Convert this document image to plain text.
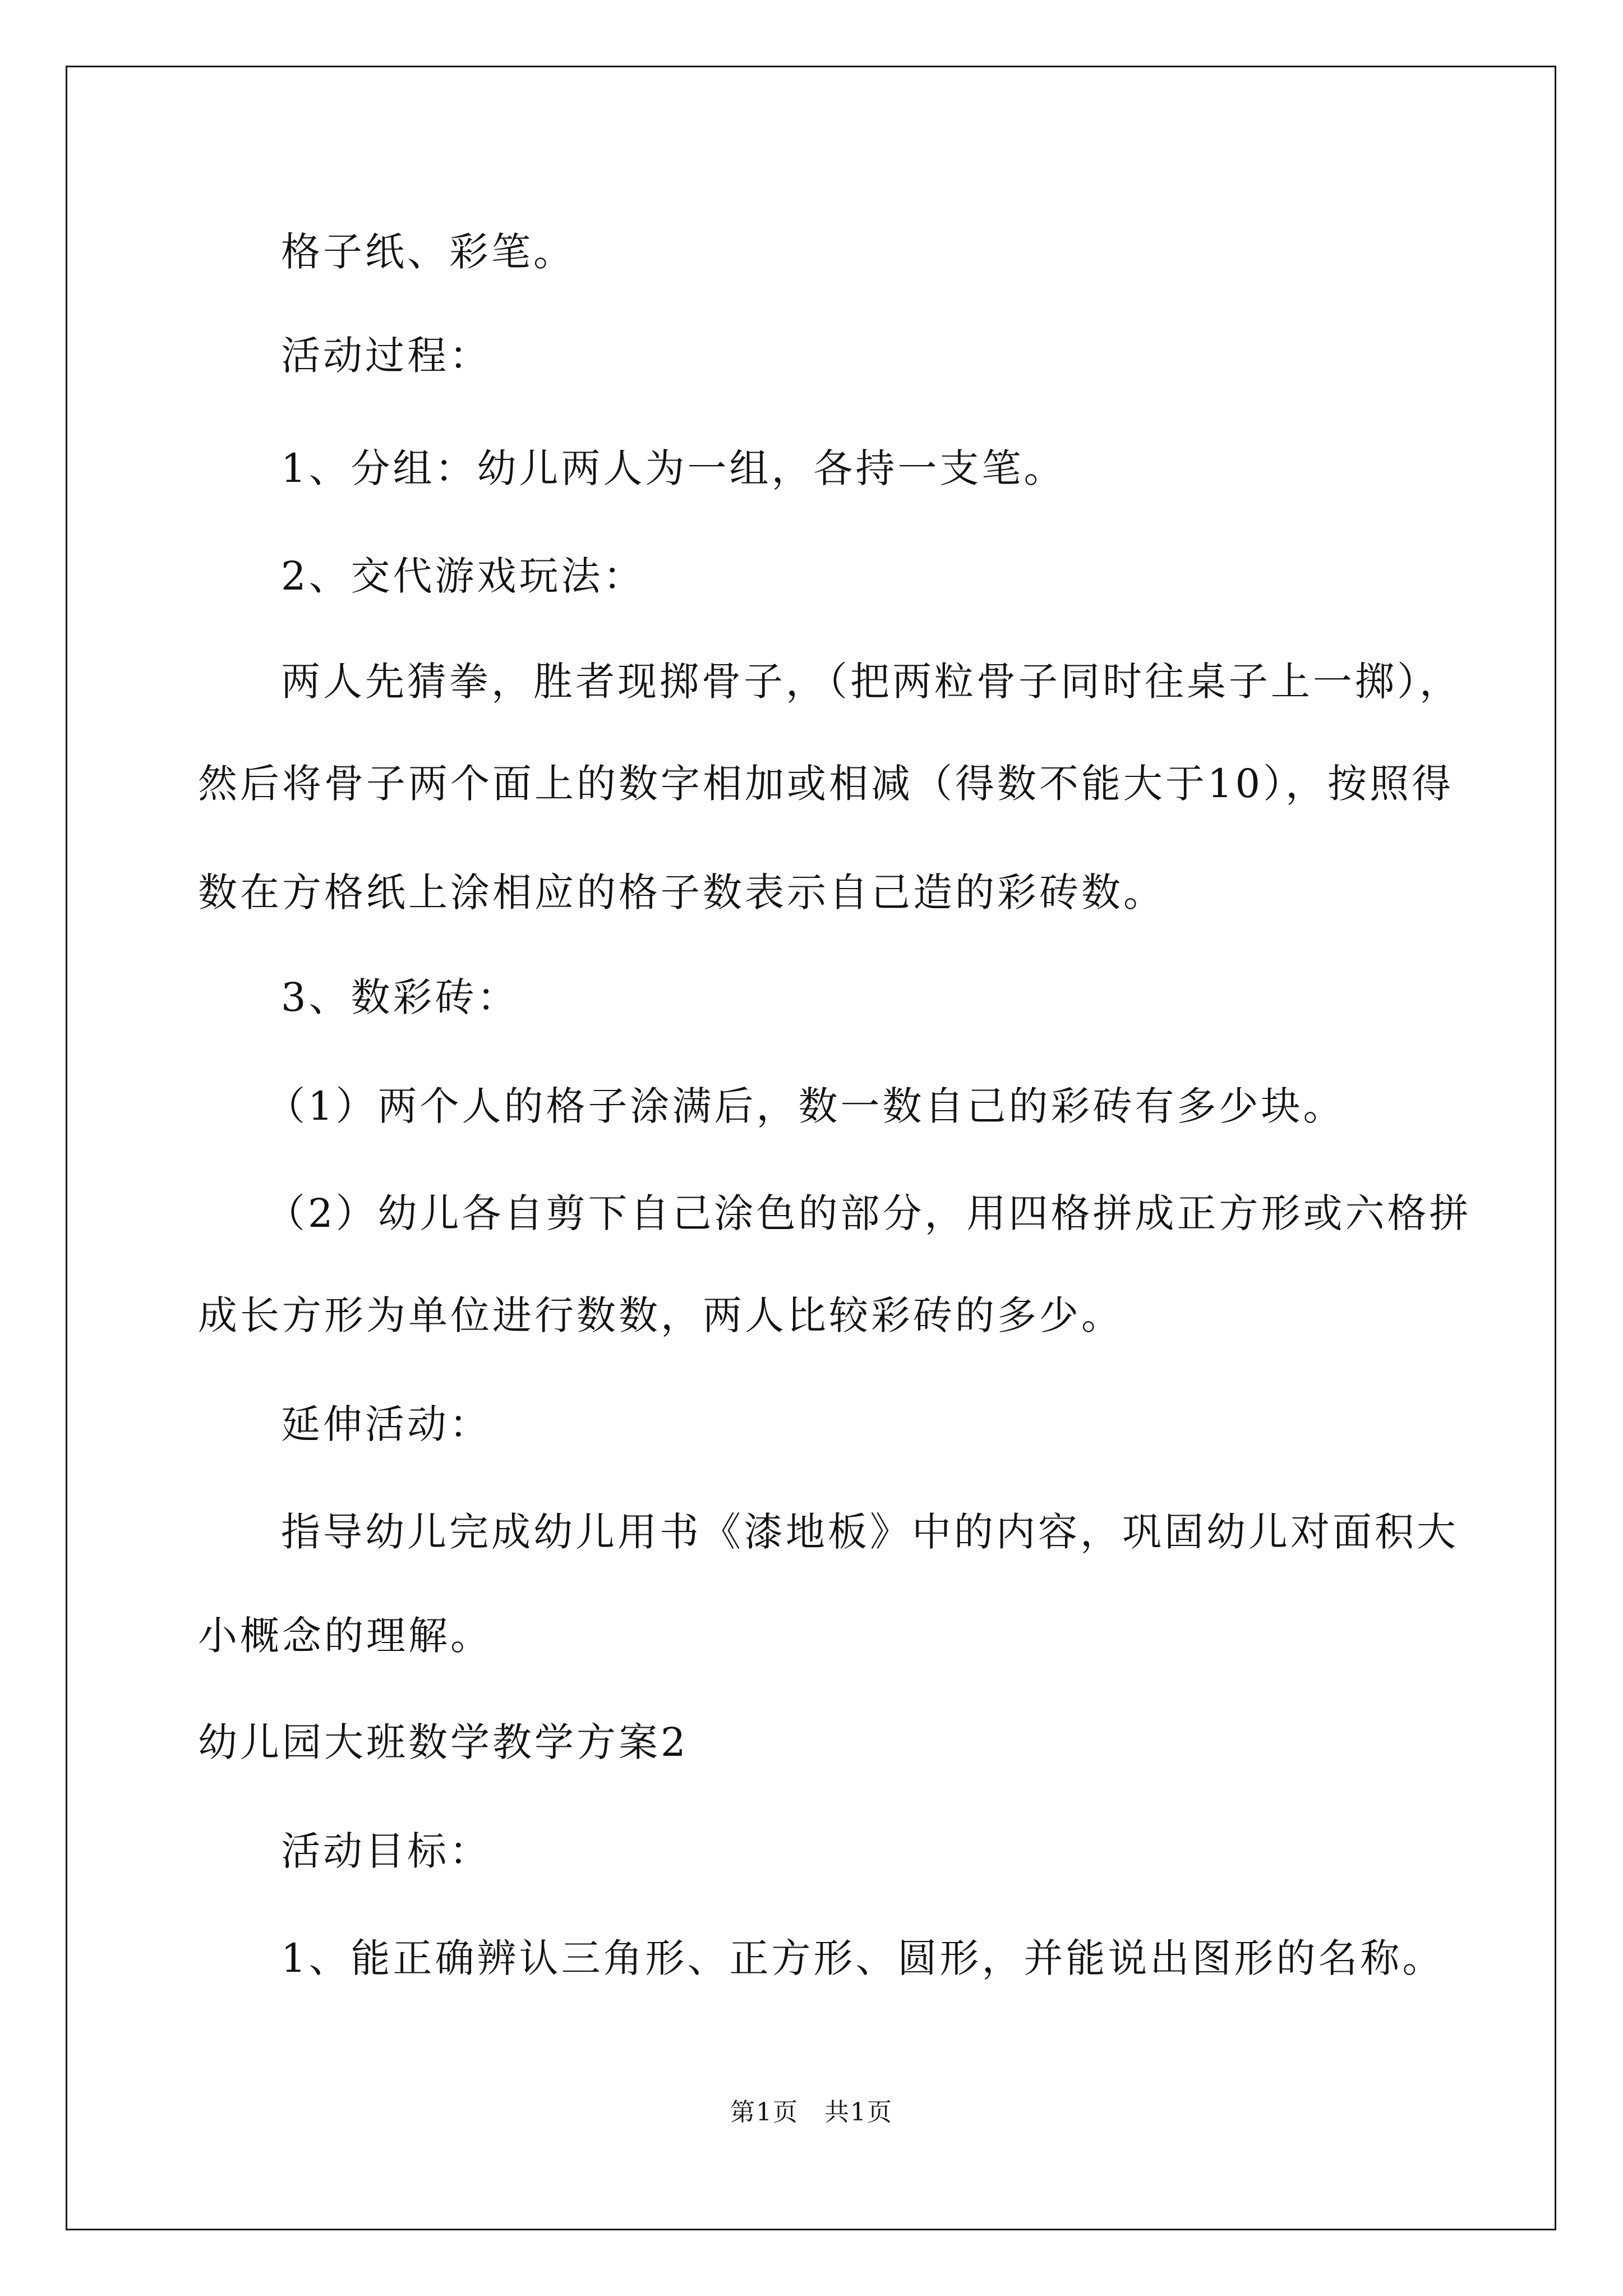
格子纸、彩笔。
活动过程：
1、分组：幼儿两人为一组，各持一支笔。
2、交代游戏玩法：
两人先猜拳，胜者现掷骨子，（把两粒骨子同时往桌子上一掷），
然后将骨子两个面上的数字相加或相减（得数不能大于10），按照得
数在方格纸上涂相应的格子数表示自己造的彩砖数。
3、数彩砖：
（1）两个人的格子涂满后，数一数自己的彩砖有多少块。
（2）幼儿各自剪下自己涂色的部分，用四格拼成正方形或六格拼
成长方形为单位进行数数，两人比较彩砖的多少。
延伸活动：
指导幼儿完成幼儿用书《漆地板》中的内容，巩固幼儿对面积大
小概念的理解。
幼儿园大班数学教学方案2
活动目标：
1、能正确辨认三角形、正方形、圆形，并能说出图形的名称。
第1页　共1页
